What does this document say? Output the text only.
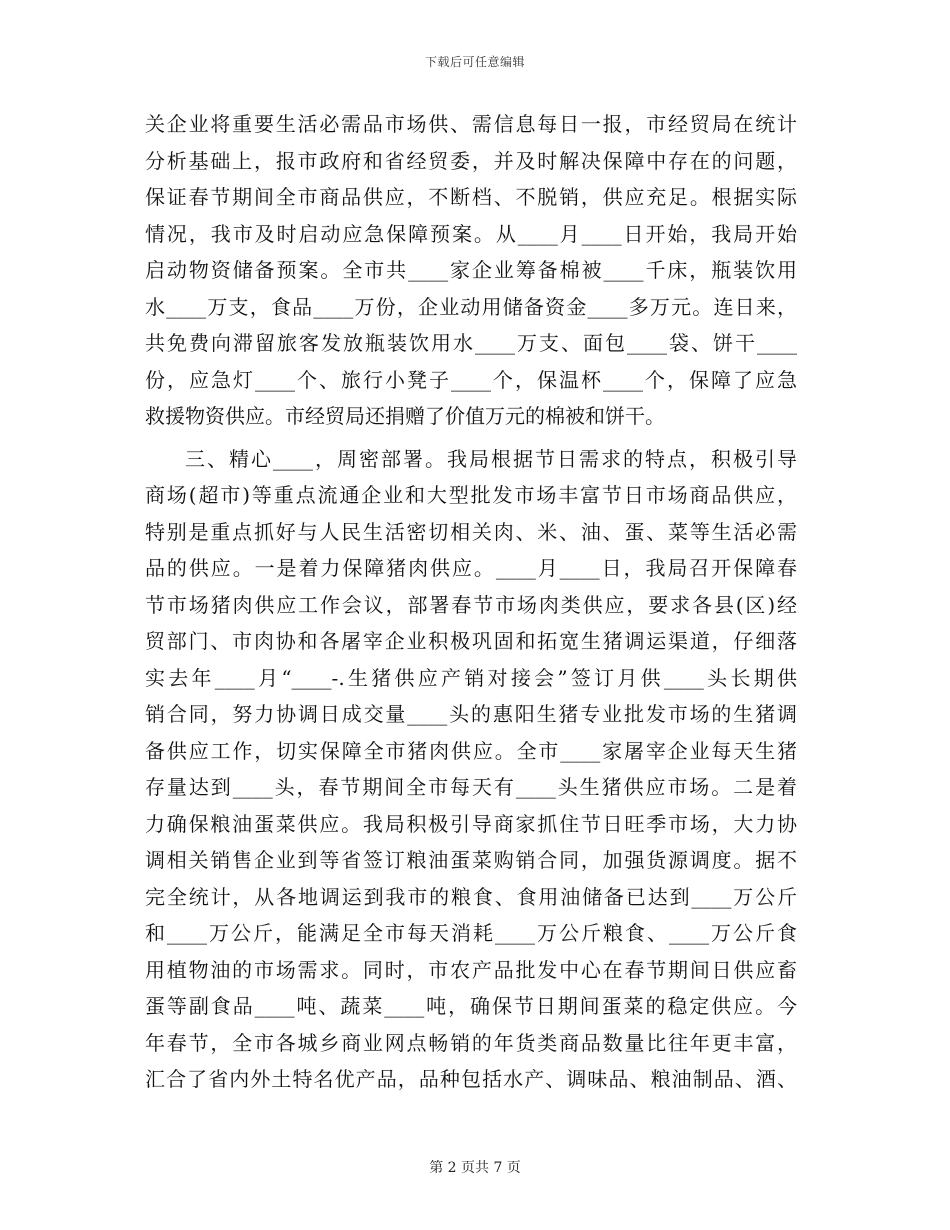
下载后可任意编辑
关企业将重要生活必需品市场供、需信息每日一报，市经贸局在统计
分析基础上，报市政府和省经贸委，并及时解决保障中存在的问题，
保证春节期间全市商品供应，不断档、不脱销，供应充足。根据实际
情况，我市及时启动应急保障预案。从____月____日开始，我局开始
启动物资储备预案。全市共____家企业筹备棉被____千床，瓶装饮用
水____万支，食品____万份，企业动用储备资金____多万元。连日来，
共免费向滞留旅客发放瓶装饮用水____万支、面包____袋、饼干____
份，应急灯____个、旅行小凳子____个，保温杯____个，保障了应急
救援物资供应。市经贸局还捐赠了价值万元的棉被和饼干。
三、精心____，周密部署。我局根据节日需求的特点，积极引导
商场(超市)等重点流通企业和大型批发市场丰富节日市场商品供应，
特别是重点抓好与人民生活密切相关肉、米、油、蛋、菜等生活必需
品的供应。一是着力保障猪肉供应。____月____日，我局召开保障春
节市场猪肉供应工作会议，部署春节市场肉类供应，要求各县(区)经
贸部门、市肉协和各屠宰企业积极巩固和拓宽生猪调运渠道，仔细落
实去年____月“____-.生猪供应产销对接会”签订月供____头长期供
销合同，努力协调日成交量____头的惠阳生猪专业批发市场的生猪调
备供应工作，切实保障全市猪肉供应。全市____家屠宰企业每天生猪
存量达到____头，春节期间全市每天有____头生猪供应市场。二是着
力确保粮油蛋菜供应。我局积极引导商家抓住节日旺季市场，大力协
调相关销售企业到等省签订粮油蛋菜购销合同，加强货源调度。据不
完全统计，从各地调运到我市的粮食、食用油储备已达到____万公斤
和____万公斤，能满足全市每天消耗____万公斤粮食、____万公斤食
用植物油的市场需求。同时，市农产品批发中心在春节期间日供应畜
蛋等副食品____吨、蔬菜____吨，确保节日期间蛋菜的稳定供应。今
年春节，全市各城乡商业网点畅销的年货类商品数量比往年更丰富，
汇合了省内外土特名优产品，品种包括水产、调味品、粮油制品、酒、
第 2 页共 7 页
